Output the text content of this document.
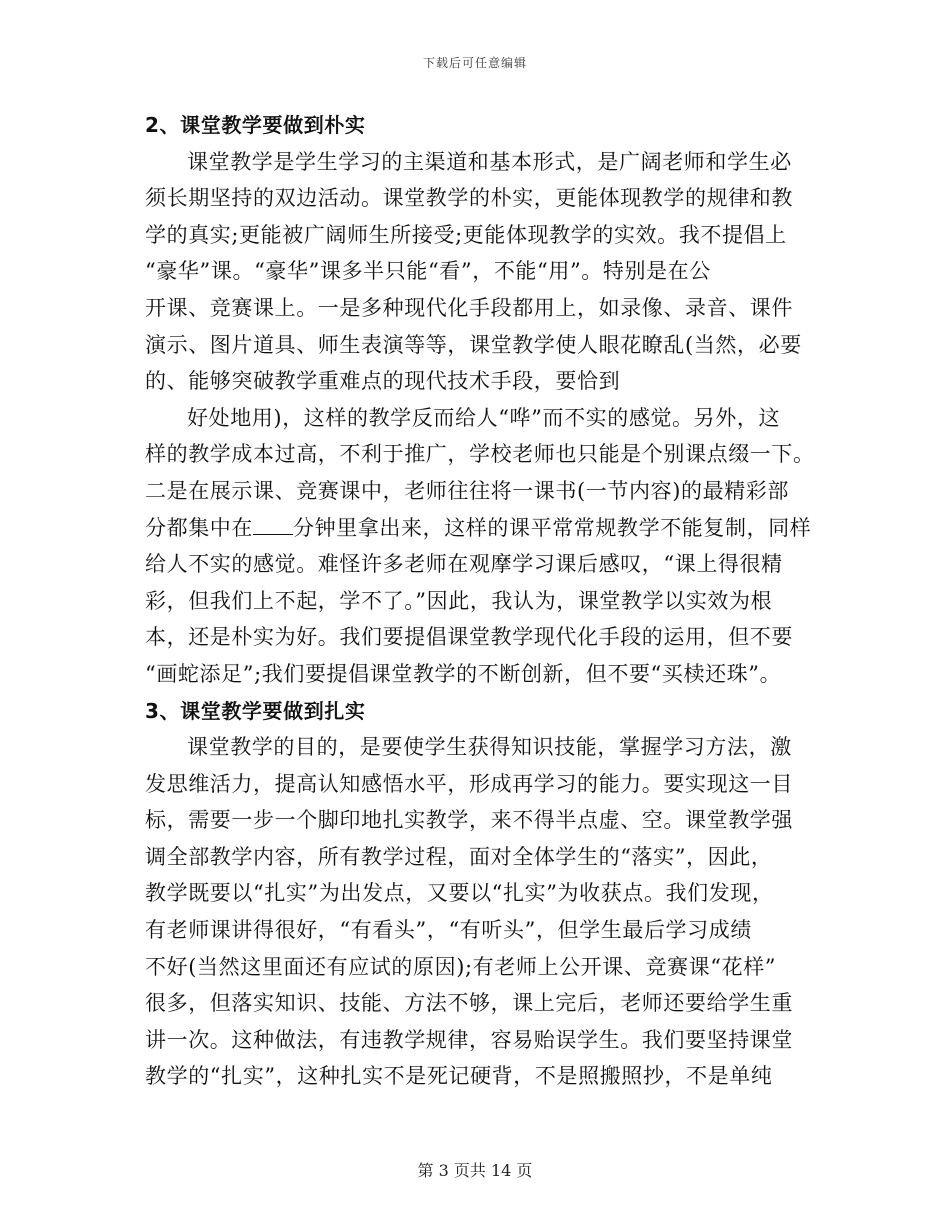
下载后可任意编辑
2、课堂教学要做到朴实
课堂教学是学生学习的主渠道和基本形式，是广阔老师和学生必
须长期坚持的双边活动。课堂教学的朴实，更能体现教学的规律和教
学的真实;更能被广阔师生所接受;更能体现教学的实效。我不提倡上
“豪华”课。“豪华”课多半只能“看”，不能“用”。特别是在公
开课、竞赛课上。一是多种现代化手段都用上，如录像、录音、课件
演示、图片道具、师生表演等等，课堂教学使人眼花瞭乱(当然，必要
的、能够突破教学重难点的现代技术手段，要恰到
好处地用)，这样的教学反而给人“哗”而不实的感觉。另外，这
样的教学成本过高，不利于推广，学校老师也只能是个别课点缀一下。
二是在展示课、竞赛课中，老师往往将一课书(一节内容)的最精彩部
分都集中在 分钟里拿出来，这样的课平常常规教学不能复制，同样
给人不实的感觉。难怪许多老师在观摩学习课后感叹，“课上得很精
彩，但我们上不起，学不了。”因此，我认为，课堂教学以实效为根
本，还是朴实为好。我们要提倡课堂教学现代化手段的运用，但不要
“画蛇添足”;我们要提倡课堂教学的不断创新，但不要“买椟还珠”。
3、课堂教学要做到扎实
课堂教学的目的，是要使学生获得知识技能，掌握学习方法，激
发思维活力，提高认知感悟水平，形成再学习的能力。要实现这一目
标，需要一步一个脚印地扎实教学，来不得半点虚、空。课堂教学强
调全部教学内容，所有教学过程，面对全体学生的“落实”，因此，
教学既要以“扎实”为出发点，又要以“扎实”为收获点。我们发现，
有老师课讲得很好，“有看头”，“有听头”，但学生最后学习成绩
不好(当然这里面还有应试的原因);有老师上公开课、竞赛课“花样”
很多，但落实知识、技能、方法不够，课上完后，老师还要给学生重
讲一次。这种做法，有违教学规律，容易贻误学生。我们要坚持课堂
教学的“扎实”，这种扎实不是死记硬背，不是照搬照抄，不是单纯
第 3 页共 14 页
